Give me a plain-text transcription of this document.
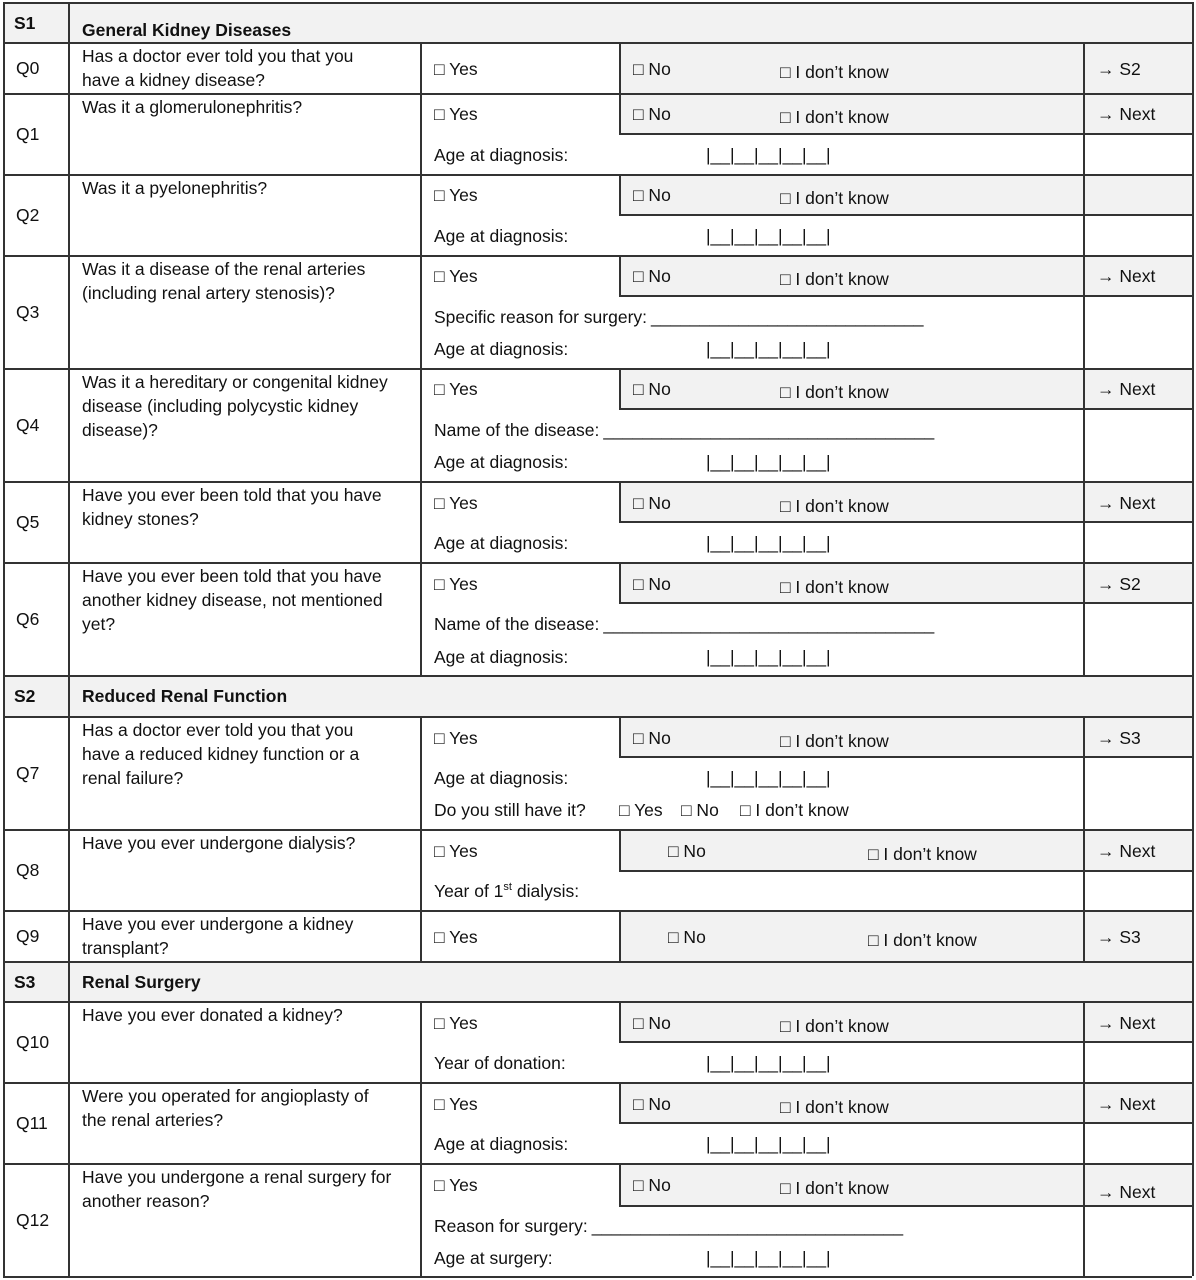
S1	General Kidney Diseases
Q0
Has a doctor ever told you that you
have a kidney disease?
□ Yes	□ No	□ I don’t know	→ S2
Q1
Was it a glomerulonephritis?	□ Yes	□ No	□ I don’t know	→ Next
Age at diagnosis:	|__|__|__|__|__|
Q2
Was it a pyelonephritis?	□ Yes	□ No	□ I don’t know
Age at diagnosis:	|__|__|__|__|__|
Q3
Was it a disease of the renal arteries
(including renal artery stenosis)?
□ Yes	□ No	□ I don’t know	→ Next
Specific reason for surgery: ____________________________
Age at diagnosis:	|__|__|__|__|__|
Q4
Was it a hereditary or congenital kidney
disease (including polycystic kidney
disease)?
□ Yes	□ No	□ I don’t know	→ Next
Name of the disease: __________________________________
Age at diagnosis:	|__|__|__|__|__|
Q5
Have you ever been told that you have
kidney stones?
□ Yes	□ No	□ I don’t know	→ Next
Age at diagnosis:	|__|__|__|__|__|
Q6
Have you ever been told that you have
another kidney disease, not mentioned
yet?
□ Yes	□ No	□ I don’t know	→ S2
Name of the disease: __________________________________
Age at diagnosis:	|__|__|__|__|__|
S2	Reduced Renal Function
Q7
Has a doctor ever told you that you
have a reduced kidney function or a
renal failure?
□ Yes	□ No	□ I don’t know	→ S3
Age at diagnosis:	|__|__|__|__|__|
Do you still have it? □ Yes □ No □ I don’t know
Q8
Have you ever undergone dialysis?	□ Yes	□ No	□ I don’t know	→ Next
Year of 1st dialysis:
Q9
Have you ever undergone a kidney
transplant?
□ Yes	□ No	□ I don’t know	→ S3
S3	Renal Surgery
Q10
Have you ever donated a kidney?	□ Yes	□ No	□ I don’t know	→ Next
Year of donation:	|__|__|__|__|__|
Q11
Were you operated for angioplasty of
the renal arteries?
□ Yes	□ No	□ I don’t know	→ Next
Age at diagnosis:	|__|__|__|__|__|
Q12
Have you undergone a renal surgery for
another reason?
□ Yes	□ No	□ I don’t know	→ Next
Reason for surgery: ________________________________
Age at surgery:	|__|__|__|__|__|
